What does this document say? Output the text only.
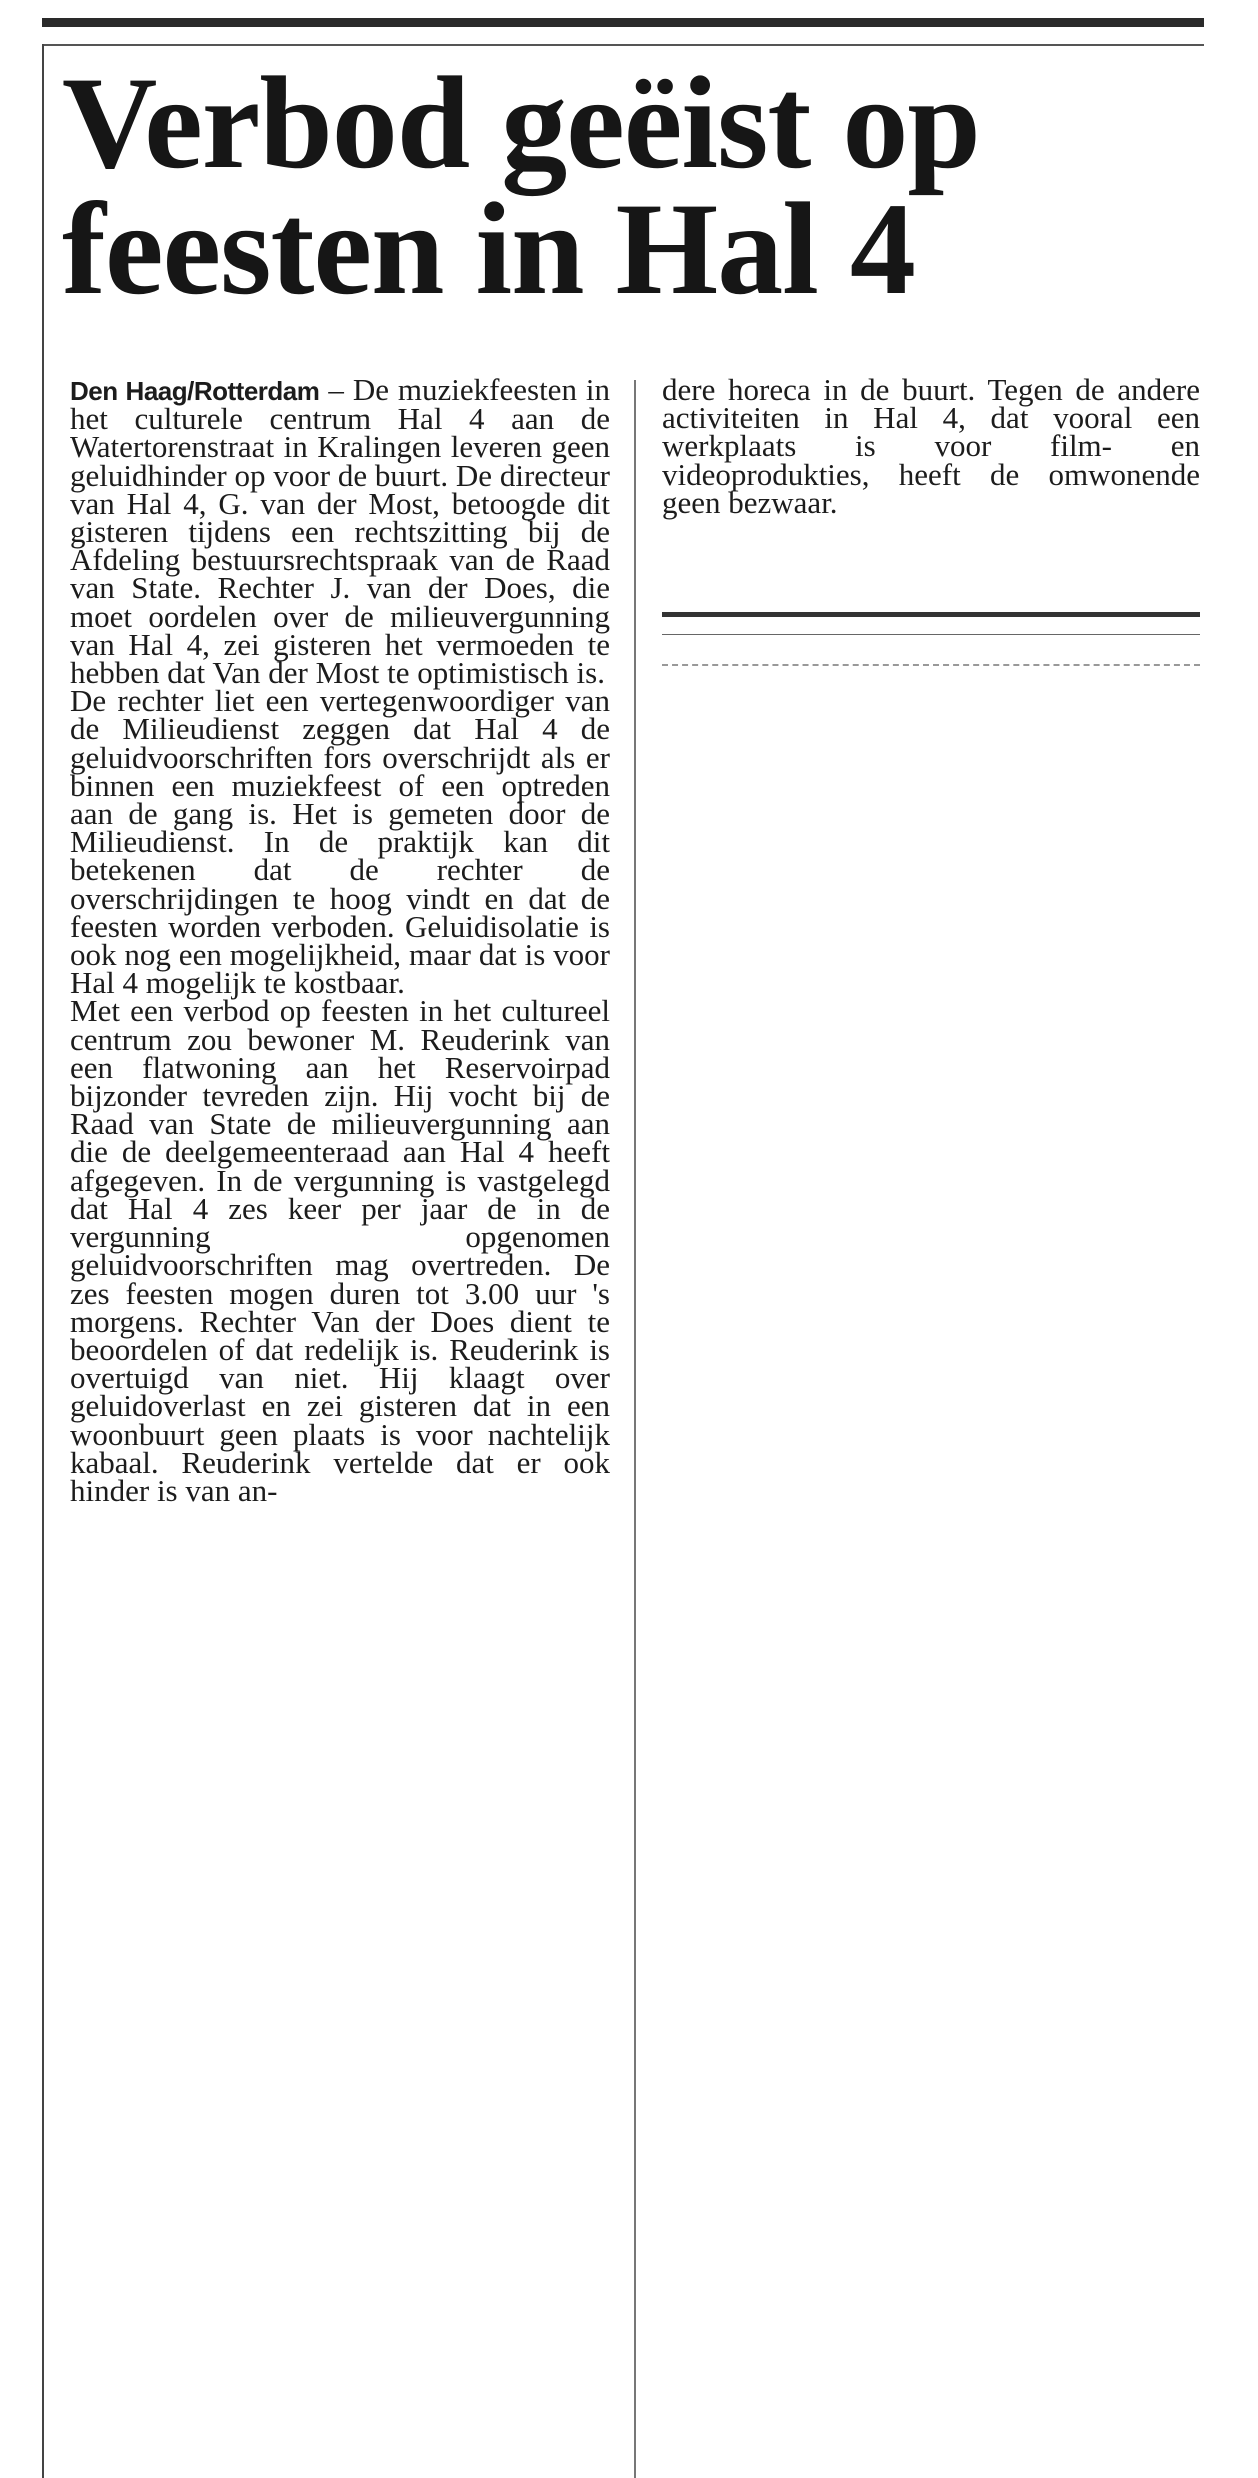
Verbod geëist op
feesten in Hal 4

Den Haag/Rotterdam – De muziekfeesten in het culturele centrum Hal 4 aan de Watertorenstraat in Kralingen leveren geen geluidhinder op voor de buurt. De directeur van Hal 4, G. van der Most, betoogde dit gisteren tijdens een rechtszitting bij de Afdeling bestuursrechtspraak van de Raad van State. Rechter J. van der Does, die moet oordelen over de milieuvergunning van Hal 4, zei gisteren het vermoeden te hebben dat Van der Most te optimistisch is.

De rechter liet een vertegenwoordiger van de Milieudienst zeggen dat Hal 4 de geluidvoorschriften fors overschrijdt als er binnen een muziekfeest of een optreden aan de gang is. Het is gemeten door de Milieudienst. In de praktijk kan dit betekenen dat de rechter de overschrijdingen te hoog vindt en dat de feesten worden verboden. Geluidisolatie is ook nog een mogelijkheid, maar dat is voor Hal 4 mogelijk te kostbaar.

Met een verbod op feesten in het cultureel centrum zou bewoner M. Reuderink van een flatwoning aan het Reservoirpad bijzonder tevreden zijn. Hij vocht bij de Raad van State de milieuvergunning aan die de deelgemeenteraad aan Hal 4 heeft afgegeven. In de vergunning is vastgelegd dat Hal 4 zes keer per jaar de in de vergunning opgenomen geluidvoorschriften mag overtreden. De zes feesten mogen duren tot 3.00 uur 's morgens. Rechter Van der Does dient te beoordelen of dat redelijk is. Reuderink is overtuigd van niet. Hij klaagt over geluidoverlast en zei gisteren dat in een woonbuurt geen plaats is voor nachtelijk kabaal. Reuderink vertelde dat er ook hinder is van an-

dere horeca in de buurt. Tegen de andere activiteiten in Hal 4, dat vooral een werkplaats is voor film- en videoprodukties, heeft de omwonende geen bezwaar.
